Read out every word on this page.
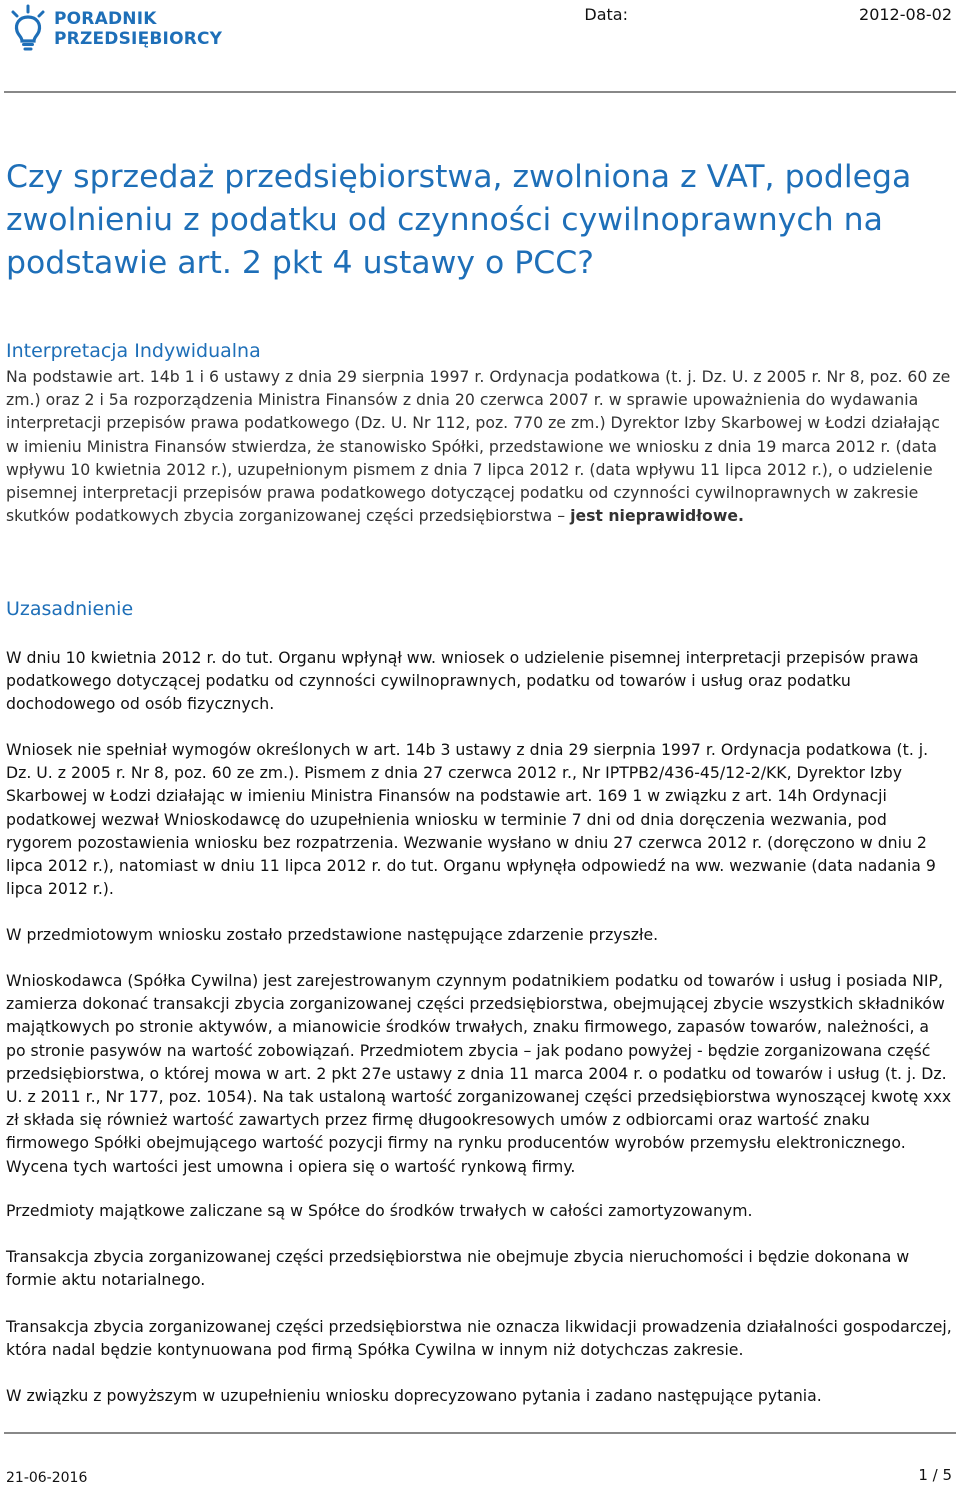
PORADNIK
PRZEDSIĘBIORCY
Data:	2012-08-02
Czy sprzedaż przedsiębiorstwa, zwolniona z VAT, podlega zwolnieniu z podatku od czynności cywilnoprawnych na podstawie art. 2 pkt 4 ustawy o PCC?
Interpretacja Indywidualna

Na podstawie art. 14b 1 i 6 ustawy z dnia 29 sierpnia 1997 r. Ordynacja podatkowa (t. j. Dz. U. z 2005 r. Nr 8, poz. 60 ze zm.) oraz 2 i 5a rozporządzenia Ministra Finansów z dnia 20 czerwca 2007 r. w sprawie upoważnienia do wydawania interpretacji przepisów prawa podatkowego (Dz. U. Nr 112, poz. 770 ze zm.) Dyrektor Izby Skarbowej w Łodzi działając w imieniu Ministra Finansów stwierdza, że stanowisko Spółki, przedstawione we wniosku z dnia 19 marca 2012 r. (data wpływu 10 kwietnia 2012 r.), uzupełnionym pismem z dnia 7 lipca 2012 r. (data wpływu 11 lipca 2012 r.), o udzielenie pisemnej interpretacji przepisów prawa podatkowego dotyczącej podatku od czynności cywilnoprawnych w zakresie skutków podatkowych zbycia zorganizowanej części przedsiębiorstwa – jest nieprawidłowe.

Uzasadnienie

W dniu 10 kwietnia 2012 r. do tut. Organu wpłynął ww. wniosek o udzielenie pisemnej interpretacji przepisów prawa podatkowego dotyczącej podatku od czynności cywilnoprawnych, podatku od towarów i usług oraz podatku dochodowego od osób fizycznych.

Wniosek nie spełniał wymogów określonych w art. 14b 3 ustawy z dnia 29 sierpnia 1997 r. Ordynacja podatkowa (t. j. Dz. U. z 2005 r. Nr 8, poz. 60 ze zm.). Pismem z dnia 27 czerwca 2012 r., Nr IPTPB2/436-45/12-2/KK, Dyrektor Izby Skarbowej w Łodzi działając w imieniu Ministra Finansów na podstawie art. 169 1 w związku z art. 14h Ordynacji podatkowej wezwał Wnioskodawcę do uzupełnienia wniosku w terminie 7 dni od dnia doręczenia wezwania, pod rygorem pozostawienia wniosku bez rozpatrzenia. Wezwanie wysłano w dniu 27 czerwca 2012 r. (doręczono w dniu 2 lipca 2012 r.), natomiast w dniu 11 lipca 2012 r. do tut. Organu wpłynęła odpowiedź na ww. wezwanie (data nadania 9 lipca 2012 r.).

W przedmiotowym wniosku zostało przedstawione następujące zdarzenie przyszłe.

Wnioskodawca (Spółka Cywilna) jest zarejestrowanym czynnym podatnikiem podatku od towarów i usług i posiada NIP, zamierza dokonać transakcji zbycia zorganizowanej części przedsiębiorstwa, obejmującej zbycie wszystkich składników majątkowych po stronie aktywów, a mianowicie środków trwałych, znaku firmowego, zapasów towarów, należności, a po stronie pasywów na wartość zobowiązań. Przedmiotem zbycia – jak podano powyżej - będzie zorganizowana część przedsiębiorstwa, o której mowa w art. 2 pkt 27e ustawy z dnia 11 marca 2004 r. o podatku od towarów i usług (t. j. Dz. U. z 2011 r., Nr 177, poz. 1054). Na tak ustaloną wartość zorganizowanej części przedsiębiorstwa wynoszącej kwotę xxx zł składa się również wartość zawartych przez firmę długookresowych umów z odbiorcami oraz wartość znaku firmowego Spółki obejmującego wartość pozycji firmy na rynku producentów wyrobów przemysłu elektronicznego. Wycena tych wartości jest umowna i opiera się o wartość rynkową firmy.

Przedmioty majątkowe zaliczane są w Spółce do środków trwałych w całości zamortyzowanym.

Transakcja zbycia zorganizowanej części przedsiębiorstwa nie obejmuje zbycia nieruchomości i będzie dokonana w formie aktu notarialnego.

Transakcja zbycia zorganizowanej części przedsiębiorstwa nie oznacza likwidacji prowadzenia działalności gospodarczej, która nadal będzie kontynuowana pod firmą Spółka Cywilna w innym niż dotychczas zakresie.

W związku z powyższym w uzupełnieniu wniosku doprecyzowano pytania i zadano następujące pytania.

21-06-2016	1 / 5
